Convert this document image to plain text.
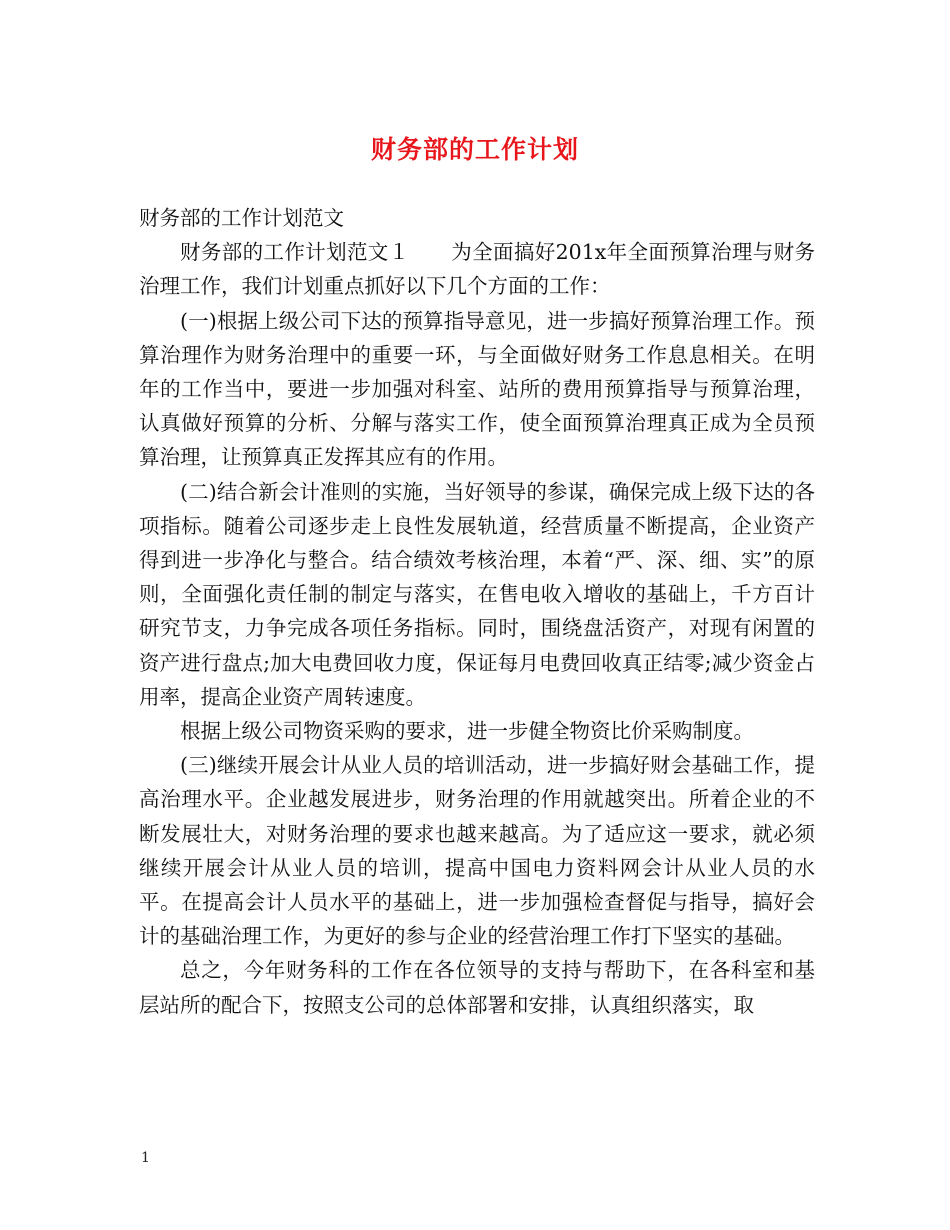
财务部的工作计划

财务部的工作计划范文

财务部的工作计划范文１　　为全面搞好201x年全面预算治理与财务治理工作，我们计划重点抓好以下几个方面的工作：

(一)根据上级公司下达的预算指导意见，进一步搞好预算治理工作。预算治理作为财务治理中的重要一环，与全面做好财务工作息息相关。在明年的工作当中，要进一步加强对科室、站所的费用预算指导与预算治理，认真做好预算的分析、分解与落实工作，使全面预算治理真正成为全员预算治理，让预算真正发挥其应有的作用。

(二)结合新会计准则的实施，当好领导的参谋，确保完成上级下达的各项指标。随着公司逐步走上良性发展轨道，经营质量不断提高，企业资产得到进一步净化与整合。结合绩效考核治理，本着“严、深、细、实”的原则，全面强化责任制的制定与落实，在售电收入增收的基础上，千方百计研究节支，力争完成各项任务指标。同时，围绕盘活资产，对现有闲置的资产进行盘点;加大电费回收力度，保证每月电费回收真正结零;减少资金占用率，提高企业资产周转速度。

根据上级公司物资采购的要求，进一步健全物资比价采购制度。

(三)继续开展会计从业人员的培训活动，进一步搞好财会基础工作，提高治理水平。企业越发展进步，财务治理的作用就越突出。所着企业的不断发展壮大，对财务治理的要求也越来越高。为了适应这一要求，就必须继续开展会计从业人员的培训，提高中国电力资料网会计从业人员的水平。在提高会计人员水平的基础上，进一步加强检查督促与指导，搞好会计的基础治理工作，为更好的参与企业的经营治理工作打下坚实的基础。

总之，今年财务科的工作在各位领导的支持与帮助下，在各科室和基层站所的配合下，按照支公司的总体部署和安排，认真组织落实，取

1
